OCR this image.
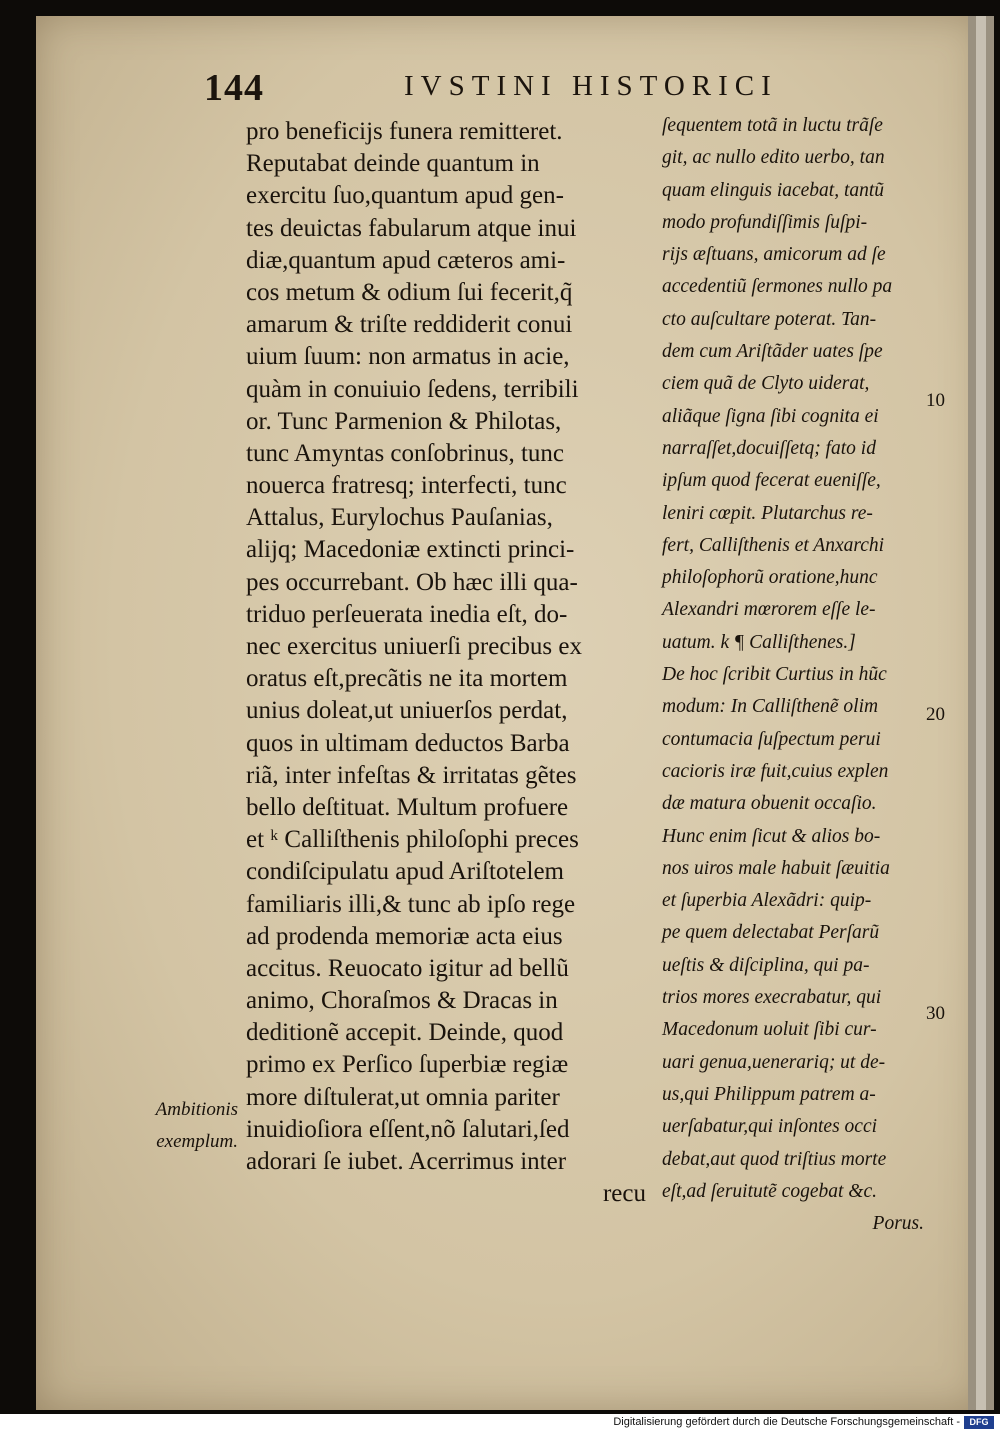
144	IVSTINI HISTORICI
pro beneficijs funera remitteret.
Reputabat deinde quantum in
exercitu ſuo,quantum apud gen-
tes deuictas fabularum atque inui
diæ,quantum apud cæteros ami-
cos metum & odium ſui fecerit,q̃
amarum & triſte reddiderit conui
uium ſuum: non armatus in acie,
quàm in conuiuio ſedens, terribili
or. Tunc Parmenion & Philotas,
tunc Amyntas conſobrinus, tunc
nouerca fratresq; interfecti, tunc
Attalus, Eurylochus Pauſanias,
alijq; Macedoniæ extincti princi-
pes occurrebant. Ob hæc illi qua-
triduo perſeuerata inedia eſt, do-
nec exercitus uniuerſi precibus ex
oratus eſt,precãtis ne ita mortem
unius doleat,ut uniuerſos perdat,
quos in ultimam deductos Barba
riã, inter infeſtas & irritatas gẽtes
bello deſtituat. Multum profuere
et ᵏ Calliſthenis philoſophi preces
condiſcipulatu apud Ariſtotelem
familiaris illi,& tunc ab ipſo rege
ad prodenda memoriæ acta eius
accitus. Reuocato igitur ad bellũ
animo, Choraſmos & Dracas in
deditionẽ accepit. Deinde, quod
primo ex Perſico ſuperbiæ regiæ
more diſtulerat,ut omnia pariter
inuidioſiora eſſent,nõ ſalutari,ſed
adorari ſe iubet. Acerrimus inter
recu
ſequentem totã in luctu trãſe
git, ac nullo edito uerbo, tan
quam elinguis iacebat, tantũ
modo profundiſſimis ſuſpi-
rijs æſtuans, amicorum ad ſe
accedentiũ ſermones nullo pa
cto auſcultare poterat. Tan-
dem cum Ariſtãder uates ſpe
ciem quã de Clyto uiderat,
aliãque ſigna ſibi cognita ei
narraſſet,docuiſſetq; fato id
ipſum quod fecerat eueniſſe,
leniri cœpit. Plutarchus re-
fert, Calliſthenis et Anxarchi
philoſophorũ oratione,hunc
Alexandri mœrorem eſſe le-
uatum. k ¶ Calliſthenes.]
De hoc ſcribit Curtius in hũc
modum: In Calliſthenẽ olim
contumacia ſuſpectum perui
cacioris iræ fuit,cuius explen
dæ matura obuenit occaſio.
Hunc enim ſicut & alios bo-
nos uiros male habuit ſæuitia
et ſuperbia Alexãdri: quip-
pe quem delectabat Perſarũ
ueſtis & diſciplina, qui pa-
trios mores execrabatur, qui
Macedonum uoluit ſibi cur-
uari genua,uenerariq; ut de-
us,qui Philippum patrem a-
uerſabatur,qui inſontes occi
debat,aut quod triſtius morte
eſt,ad ſeruitutẽ cogebat &c.
Porus.
10
20
30
Ambitionis
exemplum.
Digitalisierung gefördert durch die Deutsche Forschungsgemeinschaft -	DFG
